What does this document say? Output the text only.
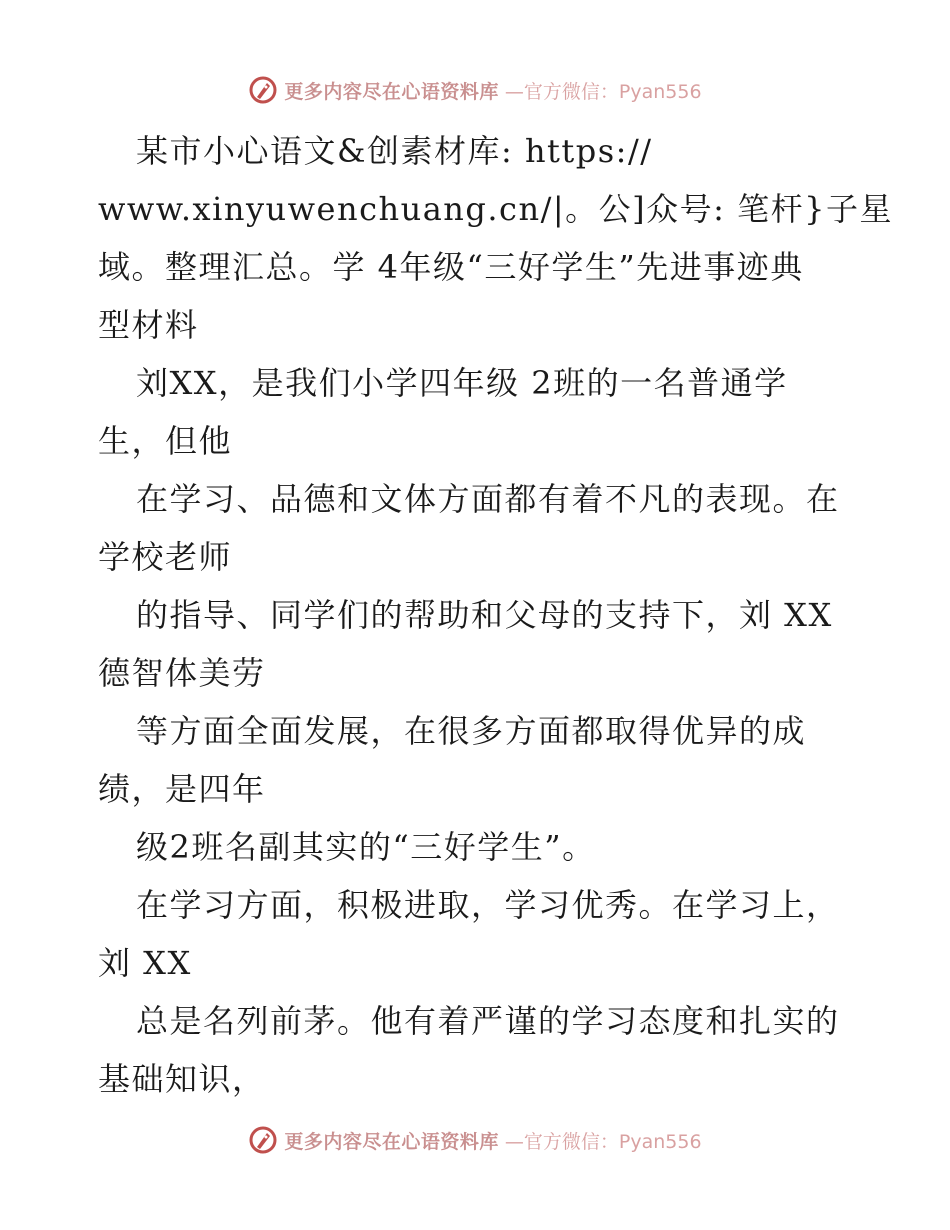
更多内容尽在心语资料库 —官方微信：Pyan556
某市小心语文&创素材库: https://
www.xinyuwenchuang.cn/|。公]众号: 笔杆}子星
域。整理汇总。学 4年级“三好学生”先进事迹典
型材料
刘XX，是我们小学四年级 2班的一名普通学
生，但他
在学习、品德和文体方面都有着不凡的表现。在
学校老师
的指导、同学们的帮助和父母的支持下，刘 XX
德智体美劳
等方面全面发展，在很多方面都取得优异的成
绩，是四年
级2班名副其实的“三好学生”。
在学习方面，积极进取，学习优秀。在学习上，
刘 XX
总是名列前茅。他有着严谨的学习态度和扎实的
基础知识，
更多内容尽在心语资料库 —官方微信：Pyan556
